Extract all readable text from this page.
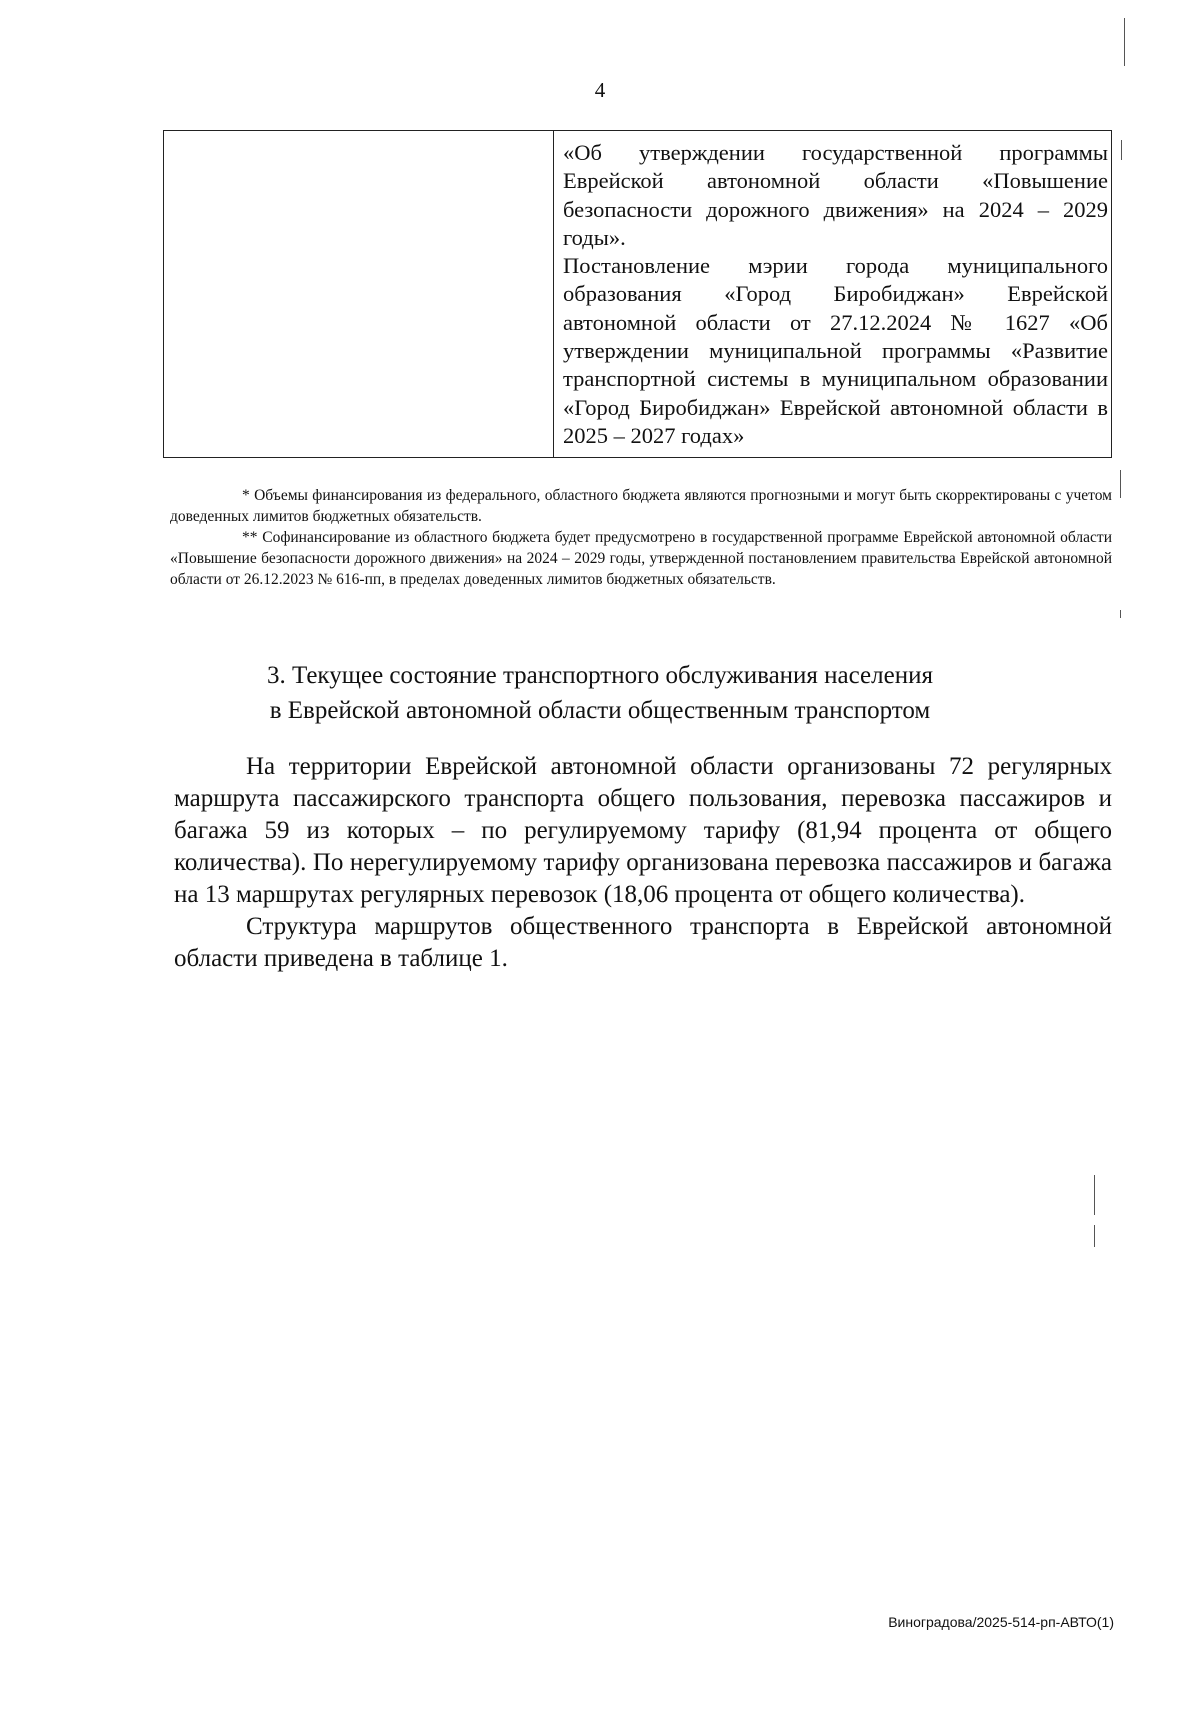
4

«Об утверждении государственной программы Еврейской автономной области «Повышение безопасности дорожного движения» на 2024 – 2029 годы».

Постановление мэрии города муниципального образования «Город Биробиджан» Еврейской автономной области от 27.12.2024 № 1627 «Об утверждении муниципальной программы «Развитие транспортной системы в муниципальном образовании «Город Биробиджан» Еврейской автономной области в 2025 – 2027 годах»

* Объемы финансирования из федерального, областного бюджета являются прогнозными и могут быть скорректированы с учетом доведенных лимитов бюджетных обязательств.

** Софинансирование из областного бюджета будет предусмотрено в государственной программе Еврейской автономной области «Повышение безопасности дорожного движения» на 2024 – 2029 годы, утвержденной постановлением правительства Еврейской автономной области от 26.12.2023 № 616-пп, в пределах доведенных лимитов бюджетных обязательств.

3. Текущее состояние транспортного обслуживания населения
в Еврейской автономной области общественным транспортом

На территории Еврейской автономной области организованы 72 регулярных маршрута пассажирского транспорта общего пользования, перевозка пассажиров и багажа 59 из которых – по регулируемому тарифу (81,94 процента от общего количества). По нерегулируемому тарифу организована перевозка пассажиров и багажа на 13 маршрутах регулярных перевозок (18,06 процента от общего количества).

Структура маршрутов общественного транспорта в Еврейской автономной области приведена в таблице 1.

Виноградова/2025-514-рп-АВТО(1)
